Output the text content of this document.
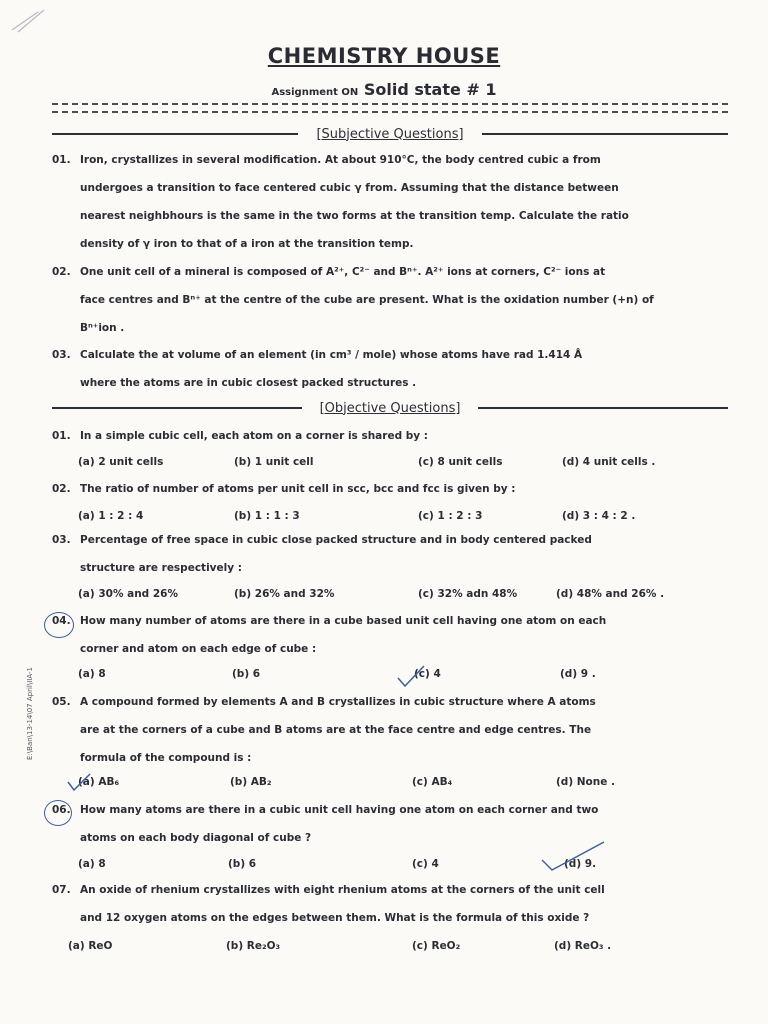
CHEMISTRY HOUSE
Assignment ON Solid state # 1
[Subjective Questions]
01. Iron, crystallizes in several modification. At about 910°C, the body centred cubic a from
undergoes a transition to face centered cubic γ from. Assuming that the distance between
nearest neighbhours is the same in the two forms at the transition temp. Calculate the ratio
density of γ iron to that of a iron at the transition temp.
02. One unit cell of a mineral is composed of A²⁺, C²⁻ and Bⁿ⁺. A²⁺ ions at corners, C²⁻ ions at
face centres and Bⁿ⁺ at the centre of the cube are present. What is the oxidation number (+n) of
Bⁿ⁺ion .
03. Calculate the at volume of an element (in cm³ / mole) whose atoms have rad 1.414 Å
where the atoms are in cubic closest packed structures .
[Objective Questions]
01. In a simple cubic cell, each atom on a corner is shared by :
(a) 2 unit cells	(b) 1 unit cell	(c) 8 unit cells	(d) 4 unit cells .
02. The ratio of number of atoms per unit cell in scc, bcc and fcc is given by :
(a) 1 : 2 : 4	(b) 1 : 1 : 3	(c) 1 : 2 : 3	(d) 3 : 4 : 2 .
03. Percentage of free space in cubic close packed structure and in body centered packed
structure are respectively :
(a) 30% and 26%	(b) 26% and 32%	(c) 32% adn 48%	(d) 48% and 26% .
04. How many number of atoms are there in a cube based unit cell having one atom on each
corner and atom on each edge of cube :
(a) 8	(b) 6	(c) 4	(d) 9 .
E:\Ban\13-14\07 April\IIA-1	05. A compound formed by elements A and B crystallizes in cubic structure where A atoms
are at the corners of a cube and B atoms are at the face centre and edge centres. The
formula of the compound is :
(a) AB₆	(b) AB₂	(c) AB₄	(d) None .
06. How many atoms are there in a cubic unit cell having one atom on each corner and two
atoms on each body diagonal of cube ?
(a) 8	(b) 6	(c) 4	(d) 9.
07. An oxide of rhenium crystallizes with eight rhenium atoms at the corners of the unit cell
and 12 oxygen atoms on the edges between them. What is the formula of this oxide ?
(a) ReO	(b) Re₂O₃	(c) ReO₂	(d) ReO₃ .
